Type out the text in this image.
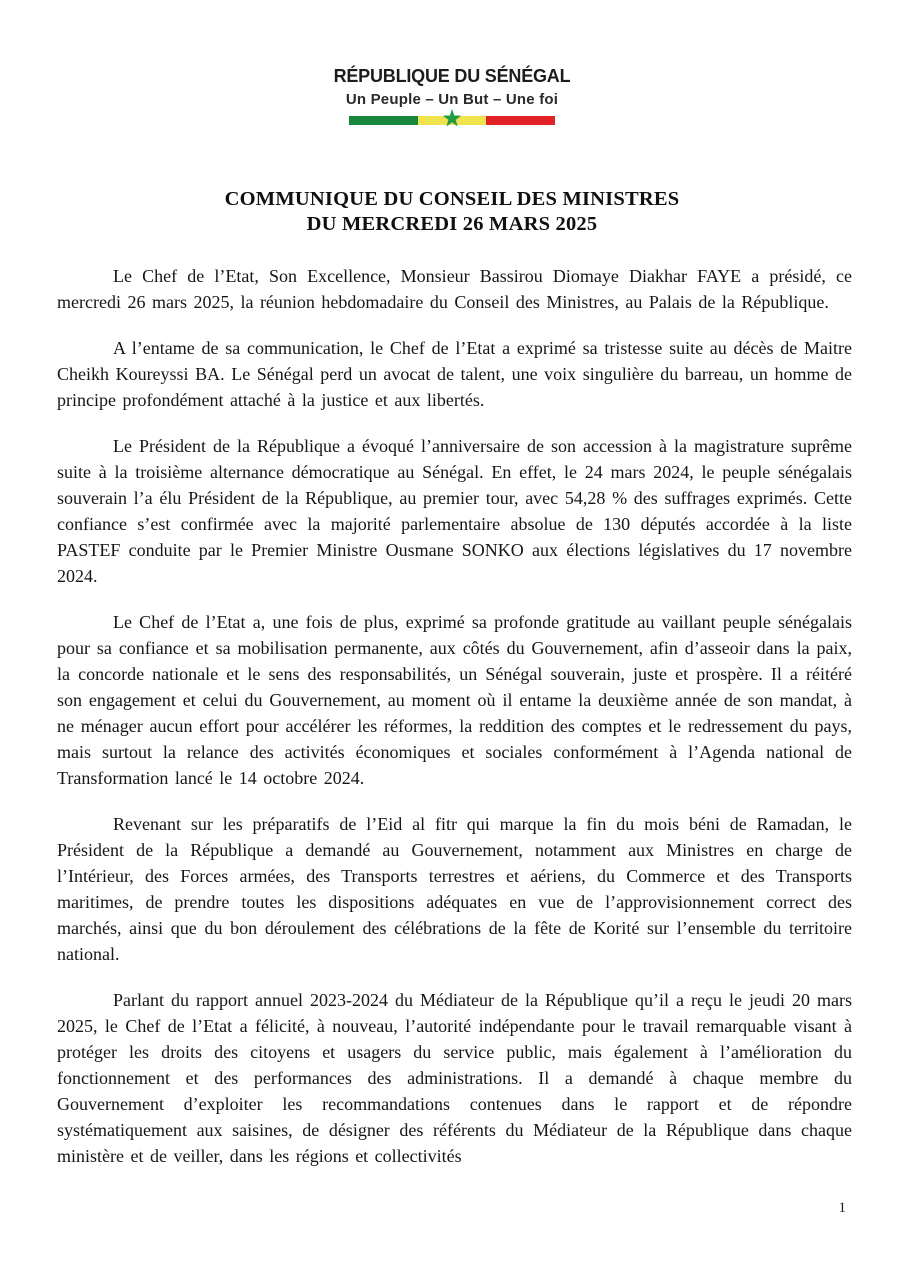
RÉPUBLIQUE DU SÉNÉGAL
Un Peuple – Un But – Une foi
★
COMMUNIQUE DU CONSEIL DES MINISTRES
DU MERCREDI 26 MARS 2025

Le Chef de l’Etat, Son Excellence, Monsieur Bassirou Diomaye Diakhar FAYE a présidé, ce mercredi 26 mars 2025, la réunion hebdomadaire du Conseil des Ministres, au Palais de la République.

A l’entame de sa communication, le Chef de l’Etat a exprimé sa tristesse suite au décès de Maitre Cheikh Koureyssi BA. Le Sénégal perd un avocat de talent, une voix singulière du barreau, un homme de principe profondément attaché à la justice et aux libertés.

Le Président de la République a évoqué l’anniversaire de son accession à la magistrature suprême suite à la troisième alternance démocratique au Sénégal. En effet, le 24 mars 2024, le peuple sénégalais souverain l’a élu Président de la République, au premier tour, avec 54,28 % des suffrages exprimés. Cette confiance s’est confirmée avec la majorité parlementaire absolue de 130 députés accordée à la liste PASTEF conduite par le Premier Ministre Ousmane SONKO aux élections législatives du 17 novembre 2024.

Le Chef de l’Etat a, une fois de plus, exprimé sa profonde gratitude au vaillant peuple sénégalais pour sa confiance et sa mobilisation permanente, aux côtés du Gouvernement, afin d’asseoir dans la paix, la concorde nationale et le sens des responsabilités, un Sénégal souverain, juste et prospère. Il a réitéré son engagement et celui du Gouvernement, au moment où il entame la deuxième année de son mandat, à ne ménager aucun effort pour accélérer les réformes, la reddition des comptes et le redressement du pays, mais surtout la relance des activités économiques et sociales conformément à l’Agenda national de Transformation lancé le 14 octobre 2024.

Revenant sur les préparatifs de l’Eid al fitr qui marque la fin du mois béni de Ramadan, le Président de la République a demandé au Gouvernement, notamment aux Ministres en charge de l’Intérieur, des Forces armées, des Transports terrestres et aériens, du Commerce et des Transports maritimes, de prendre toutes les dispositions adéquates en vue de l’approvisionnement correct des marchés, ainsi que du bon déroulement des célébrations de la fête de Korité sur l’ensemble du territoire national.

Parlant du rapport annuel 2023-2024 du Médiateur de la République qu’il a reçu le jeudi 20 mars 2025, le Chef de l’Etat a félicité, à nouveau, l’autorité indépendante pour le travail remarquable visant à protéger les droits des citoyens et usagers du service public, mais également à l’amélioration du fonctionnement et des performances des administrations. Il a demandé à chaque membre du Gouvernement d’exploiter les recommandations contenues dans le rapport et de répondre systématiquement aux saisines, de désigner des référents du Médiateur de la République dans chaque ministère et de veiller, dans les régions et collectivités

1
